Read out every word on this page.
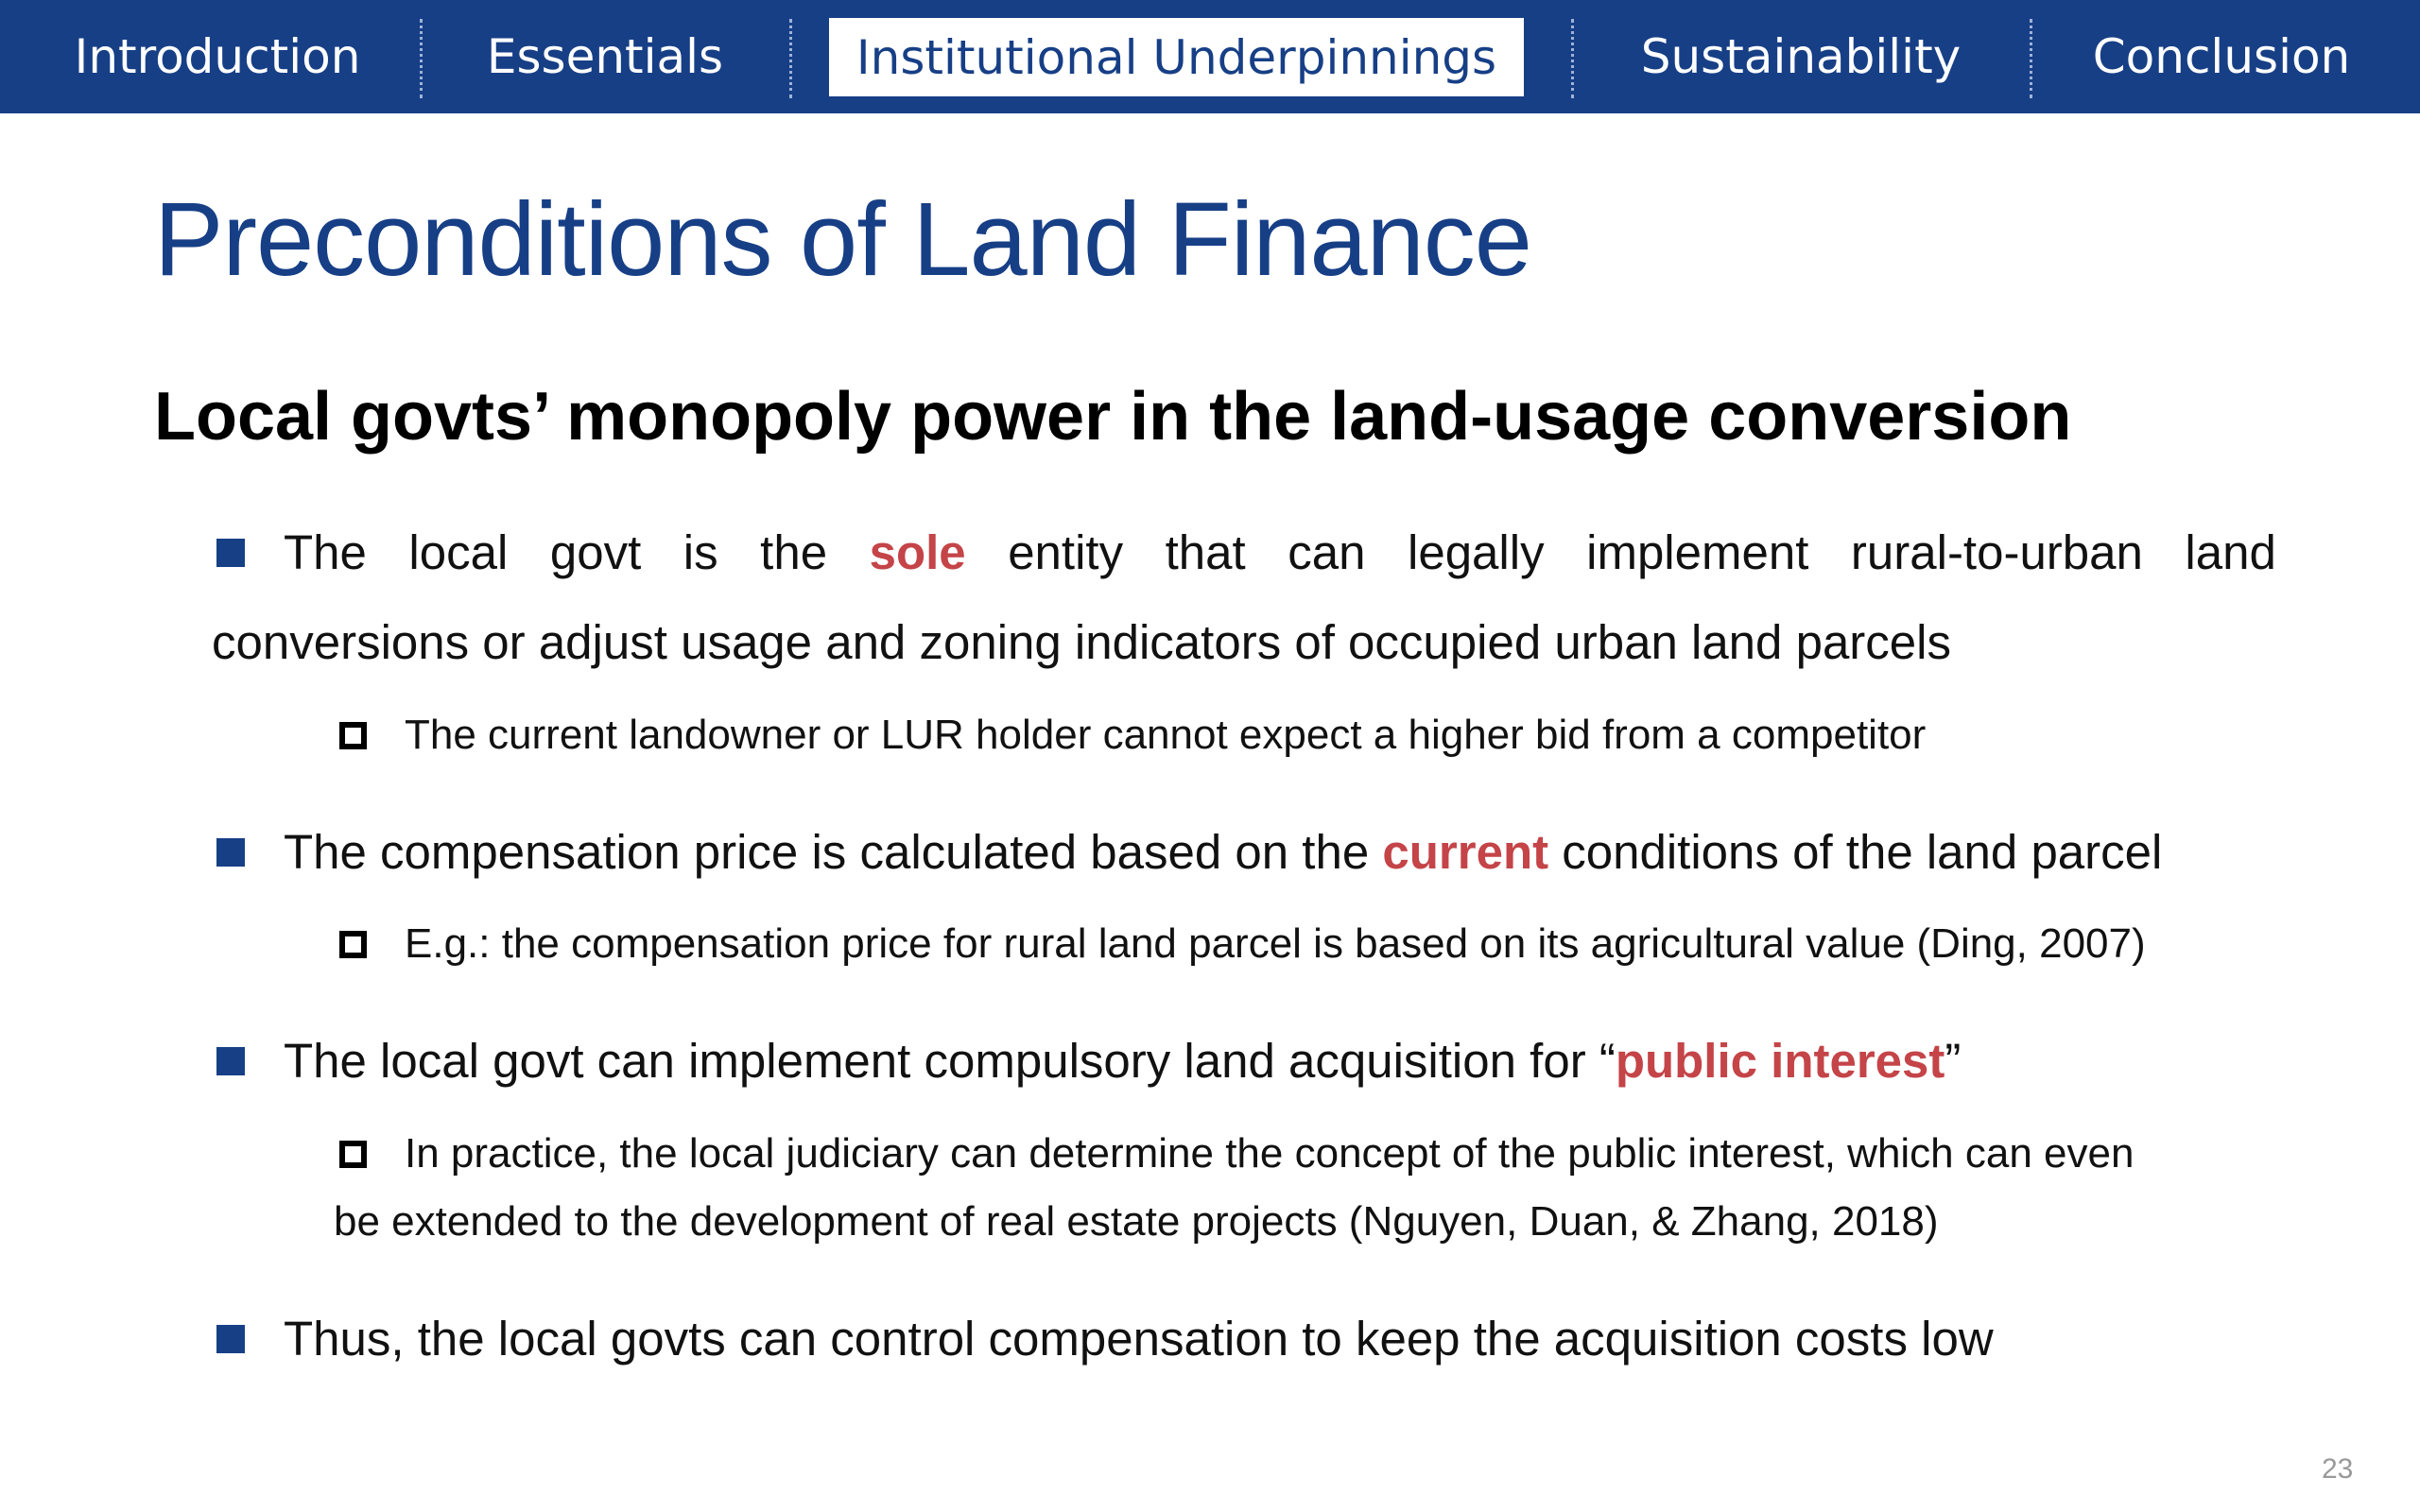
Introduction	Essentials	Institutional Underpinnings	Sustainability	Conclusion
Preconditions of Land Finance
Local govts’ monopoly power in the land-usage conversion
The local govt is the sole entity that can legally implement rural-to-urban land
conversions or adjust usage and zoning indicators of occupied urban land parcels
The current landowner or LUR holder cannot expect a higher bid from a competitor
The compensation price is calculated based on the current conditions of the land parcel
E.g.: the compensation price for rural land parcel is based on its agricultural value (Ding, 2007)
The local govt can implement compulsory land acquisition for “public interest”
In practice, the local judiciary can determine the concept of the public interest, which can even
be extended to the development of real estate projects (Nguyen, Duan, & Zhang, 2018)
Thus, the local govts can control compensation to keep the acquisition costs low
23
